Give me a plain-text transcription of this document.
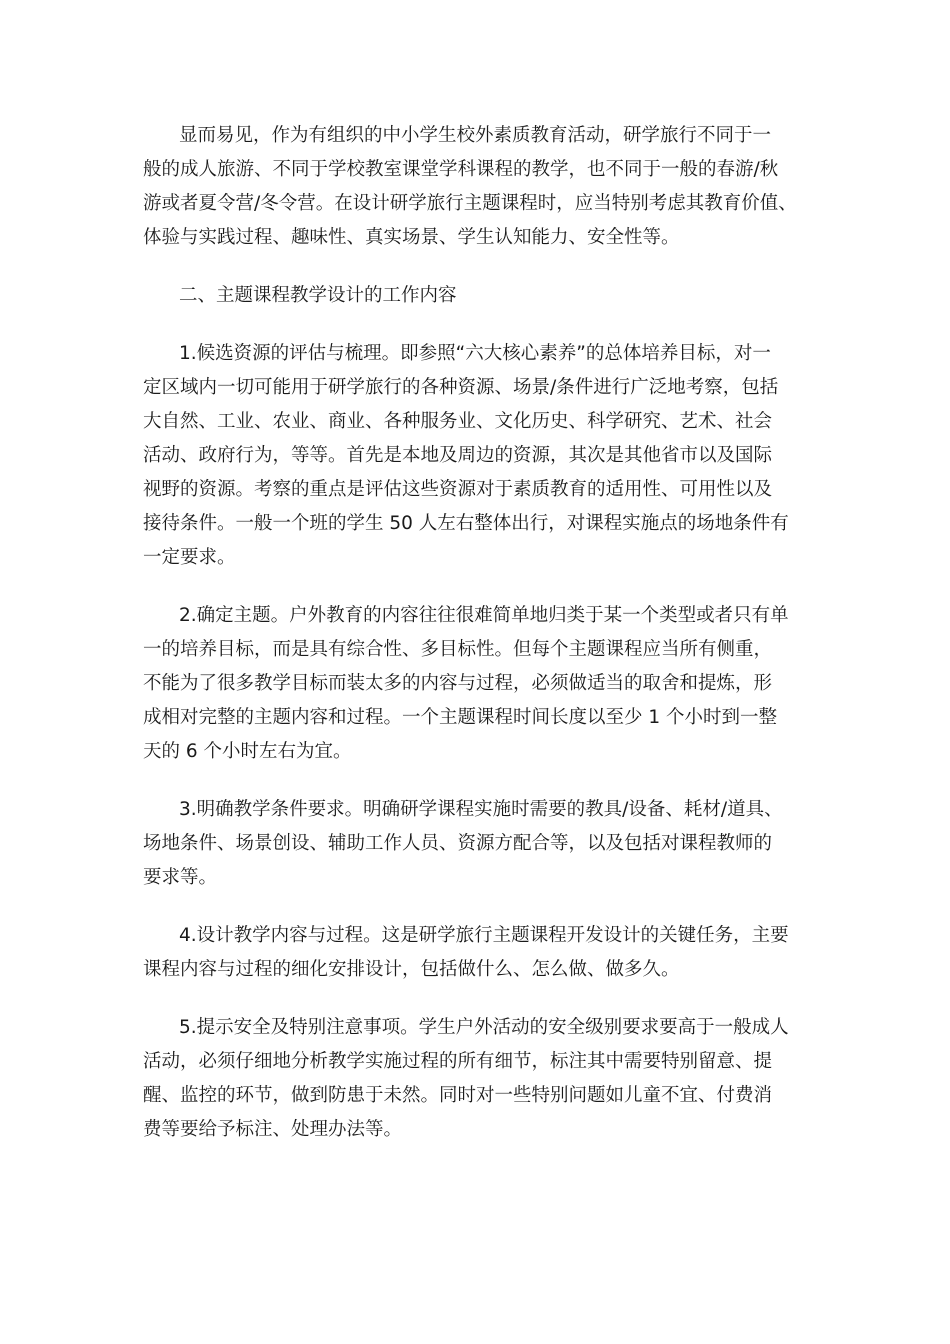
显而易见，作为有组织的中小学生校外素质教育活动，研学旅行不同于一
般的成人旅游、不同于学校教室课堂学科课程的教学，也不同于一般的春游/秋
游或者夏令营/冬令营。在设计研学旅行主题课程时，应当特别考虑其教育价值、
体验与实践过程、趣味性、真实场景、学生认知能力、安全性等。

二、主题课程教学设计的工作内容

1.候选资源的评估与梳理。即参照“六大核心素养”的总体培养目标，对一
定区域内一切可能用于研学旅行的各种资源、场景/条件进行广泛地考察，包括
大自然、工业、农业、商业、各种服务业、文化历史、科学研究、艺术、社会
活动、政府行为，等等。首先是本地及周边的资源，其次是其他省市以及国际
视野的资源。考察的重点是评估这些资源对于素质教育的适用性、可用性以及
接待条件。一般一个班的学生 50 人左右整体出行，对课程实施点的场地条件有
一定要求。

2.确定主题。户外教育的内容往往很难简单地归类于某一个类型或者只有单
一的培养目标，而是具有综合性、多目标性。但每个主题课程应当所有侧重，
不能为了很多教学目标而装太多的内容与过程，必须做适当的取舍和提炼，形
成相对完整的主题内容和过程。一个主题课程时间长度以至少 1 个小时到一整
天的 6 个小时左右为宜。

3.明确教学条件要求。明确研学课程实施时需要的教具/设备、耗材/道具、
场地条件、场景创设、辅助工作人员、资源方配合等，以及包括对课程教师的
要求等。

4.设计教学内容与过程。这是研学旅行主题课程开发设计的关键任务，主要
课程内容与过程的细化安排设计，包括做什么、怎么做、做多久。

5.提示安全及特别注意事项。学生户外活动的安全级别要求要高于一般成人
活动，必须仔细地分析教学实施过程的所有细节，标注其中需要特别留意、提
醒、监控的环节，做到防患于未然。同时对一些特别问题如儿童不宜、付费消
费等要给予标注、处理办法等。
